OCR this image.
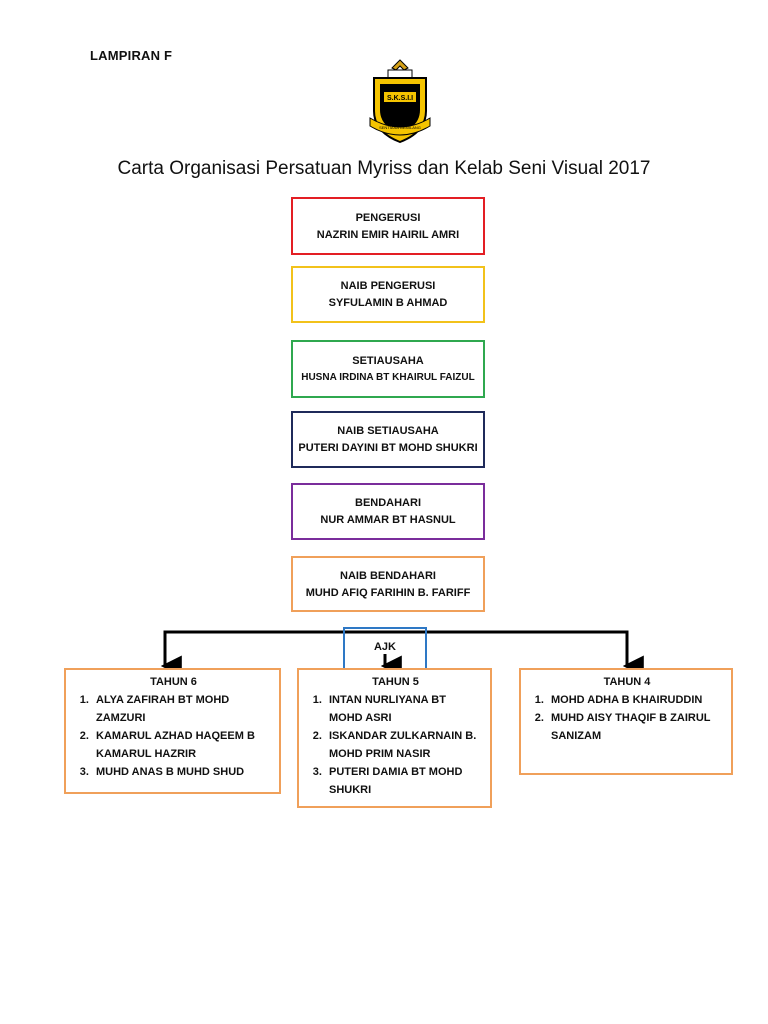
LAMPIRAN F
S.K.S.I.I
SENTIASA GEMILANG
Carta Organisasi Persatuan Myriss dan Kelab Seni Visual 2017
PENGERUSI
NAZRIN EMIR HAIRIL AMRI
NAIB PENGERUSI
SYFULAMIN B AHMAD
SETIAUSAHA
HUSNA IRDINA BT KHAIRUL FAIZUL
NAIB SETIAUSAHA
PUTERI DAYINI BT MOHD SHUKRI
BENDAHARI
NUR AMMAR BT HASNUL
NAIB BENDAHARI
MUHD AFIQ FARIHIN B. FARIFF
AJK
TAHUN 6
1. ALYA ZAFIRAH BT MOHD ZAMZURI
2. KAMARUL AZHAD HAQEEM B KAMARUL HAZRIR
3. MUHD ANAS B MUHD SHUD
TAHUN 5
1. INTAN NURLIYANA BT MOHD ASRI
2. ISKANDAR ZULKARNAIN B. MOHD PRIM NASIR
3. PUTERI DAMIA BT MOHD SHUKRI
TAHUN 4
1. MOHD ADHA B KHAIRUDDIN
2. MUHD AISY THAQIF B ZAIRUL SANIZAM
